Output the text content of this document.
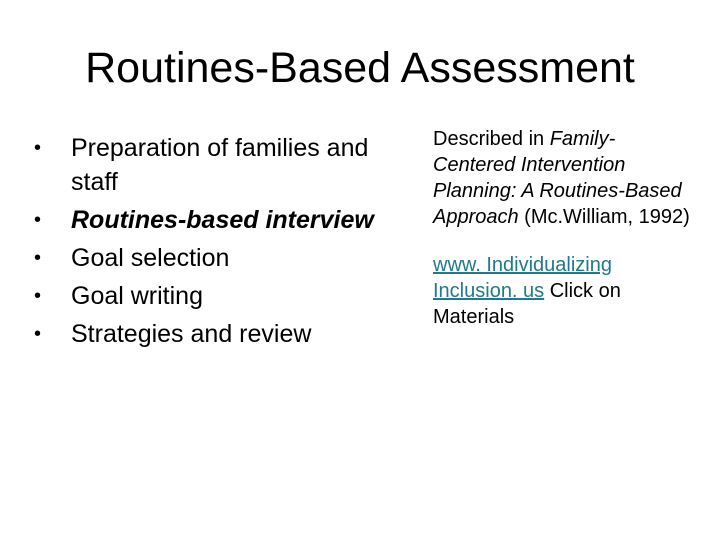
Routines-Based Assessment
• Preparation of families and staff
• Routines-based interview
• Goal selection
• Goal writing
• Strategies and review

Described in Family-Centered Intervention Planning: A Routines-Based Approach (Mc.William, 1992)

www. Individualizing Inclusion. us Click on Materials
